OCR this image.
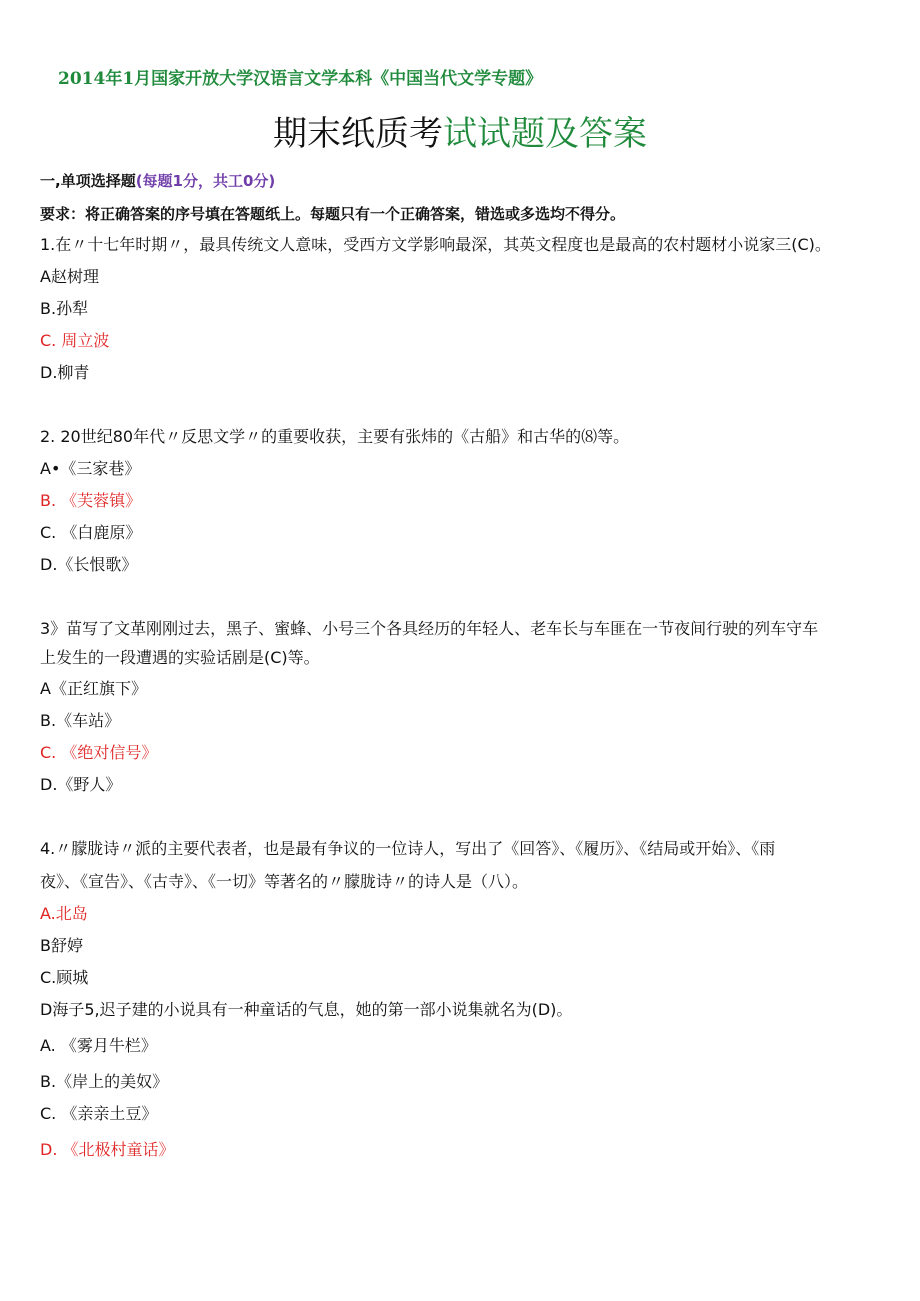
2014年1月国家开放大学汉语言文学本科《中国当代文学专题》
期末纸质考试试题及答案
一,单项选择题(每题1分，共工0分)
要求：将正确答案的序号填在答题纸上。每题只有一个正确答案，错选或多选均不得分。
1.在〃十七年时期〃，最具传统文人意味，受西方文学影响最深，其英文程度也是最高的农村题材小说家三(C)。
A赵树理
B.孙犁
C. 周立波
D.柳青
2. 20世纪80年代〃反思文学〃的重要收获，主要有张炜的《古船》和古华的⑻等。
A•《三家巷》
B. 《芙蓉镇》
C. 《白鹿原》
D.《长恨歌》
3》苗写了文革刚刚过去，黑子、蜜蜂、小号三个各具经历的年轻人、老车长与车匪在一节夜间行驶的列车守车
上发生的一段遭遇的实验话剧是(C)等。
A《正红旗下》
B.《车站》
C. 《绝对信号》
D.《野人》
4.〃朦胧诗〃派的主要代表者，也是最有争议的一位诗人，写出了《回答》、《履历》、《结局或开始》、《雨
夜》、《宣告》、《古寺》、《一切》等著名的〃朦胧诗〃的诗人是（八）。
A.北岛
B舒婷
C.顾城
D海子5,迟子建的小说具有一种童话的气息，她的第一部小说集就名为(D)。
A. 《雾月牛栏》
B.《岸上的美奴》
C. 《亲亲土豆》
D. 《北极村童话》
